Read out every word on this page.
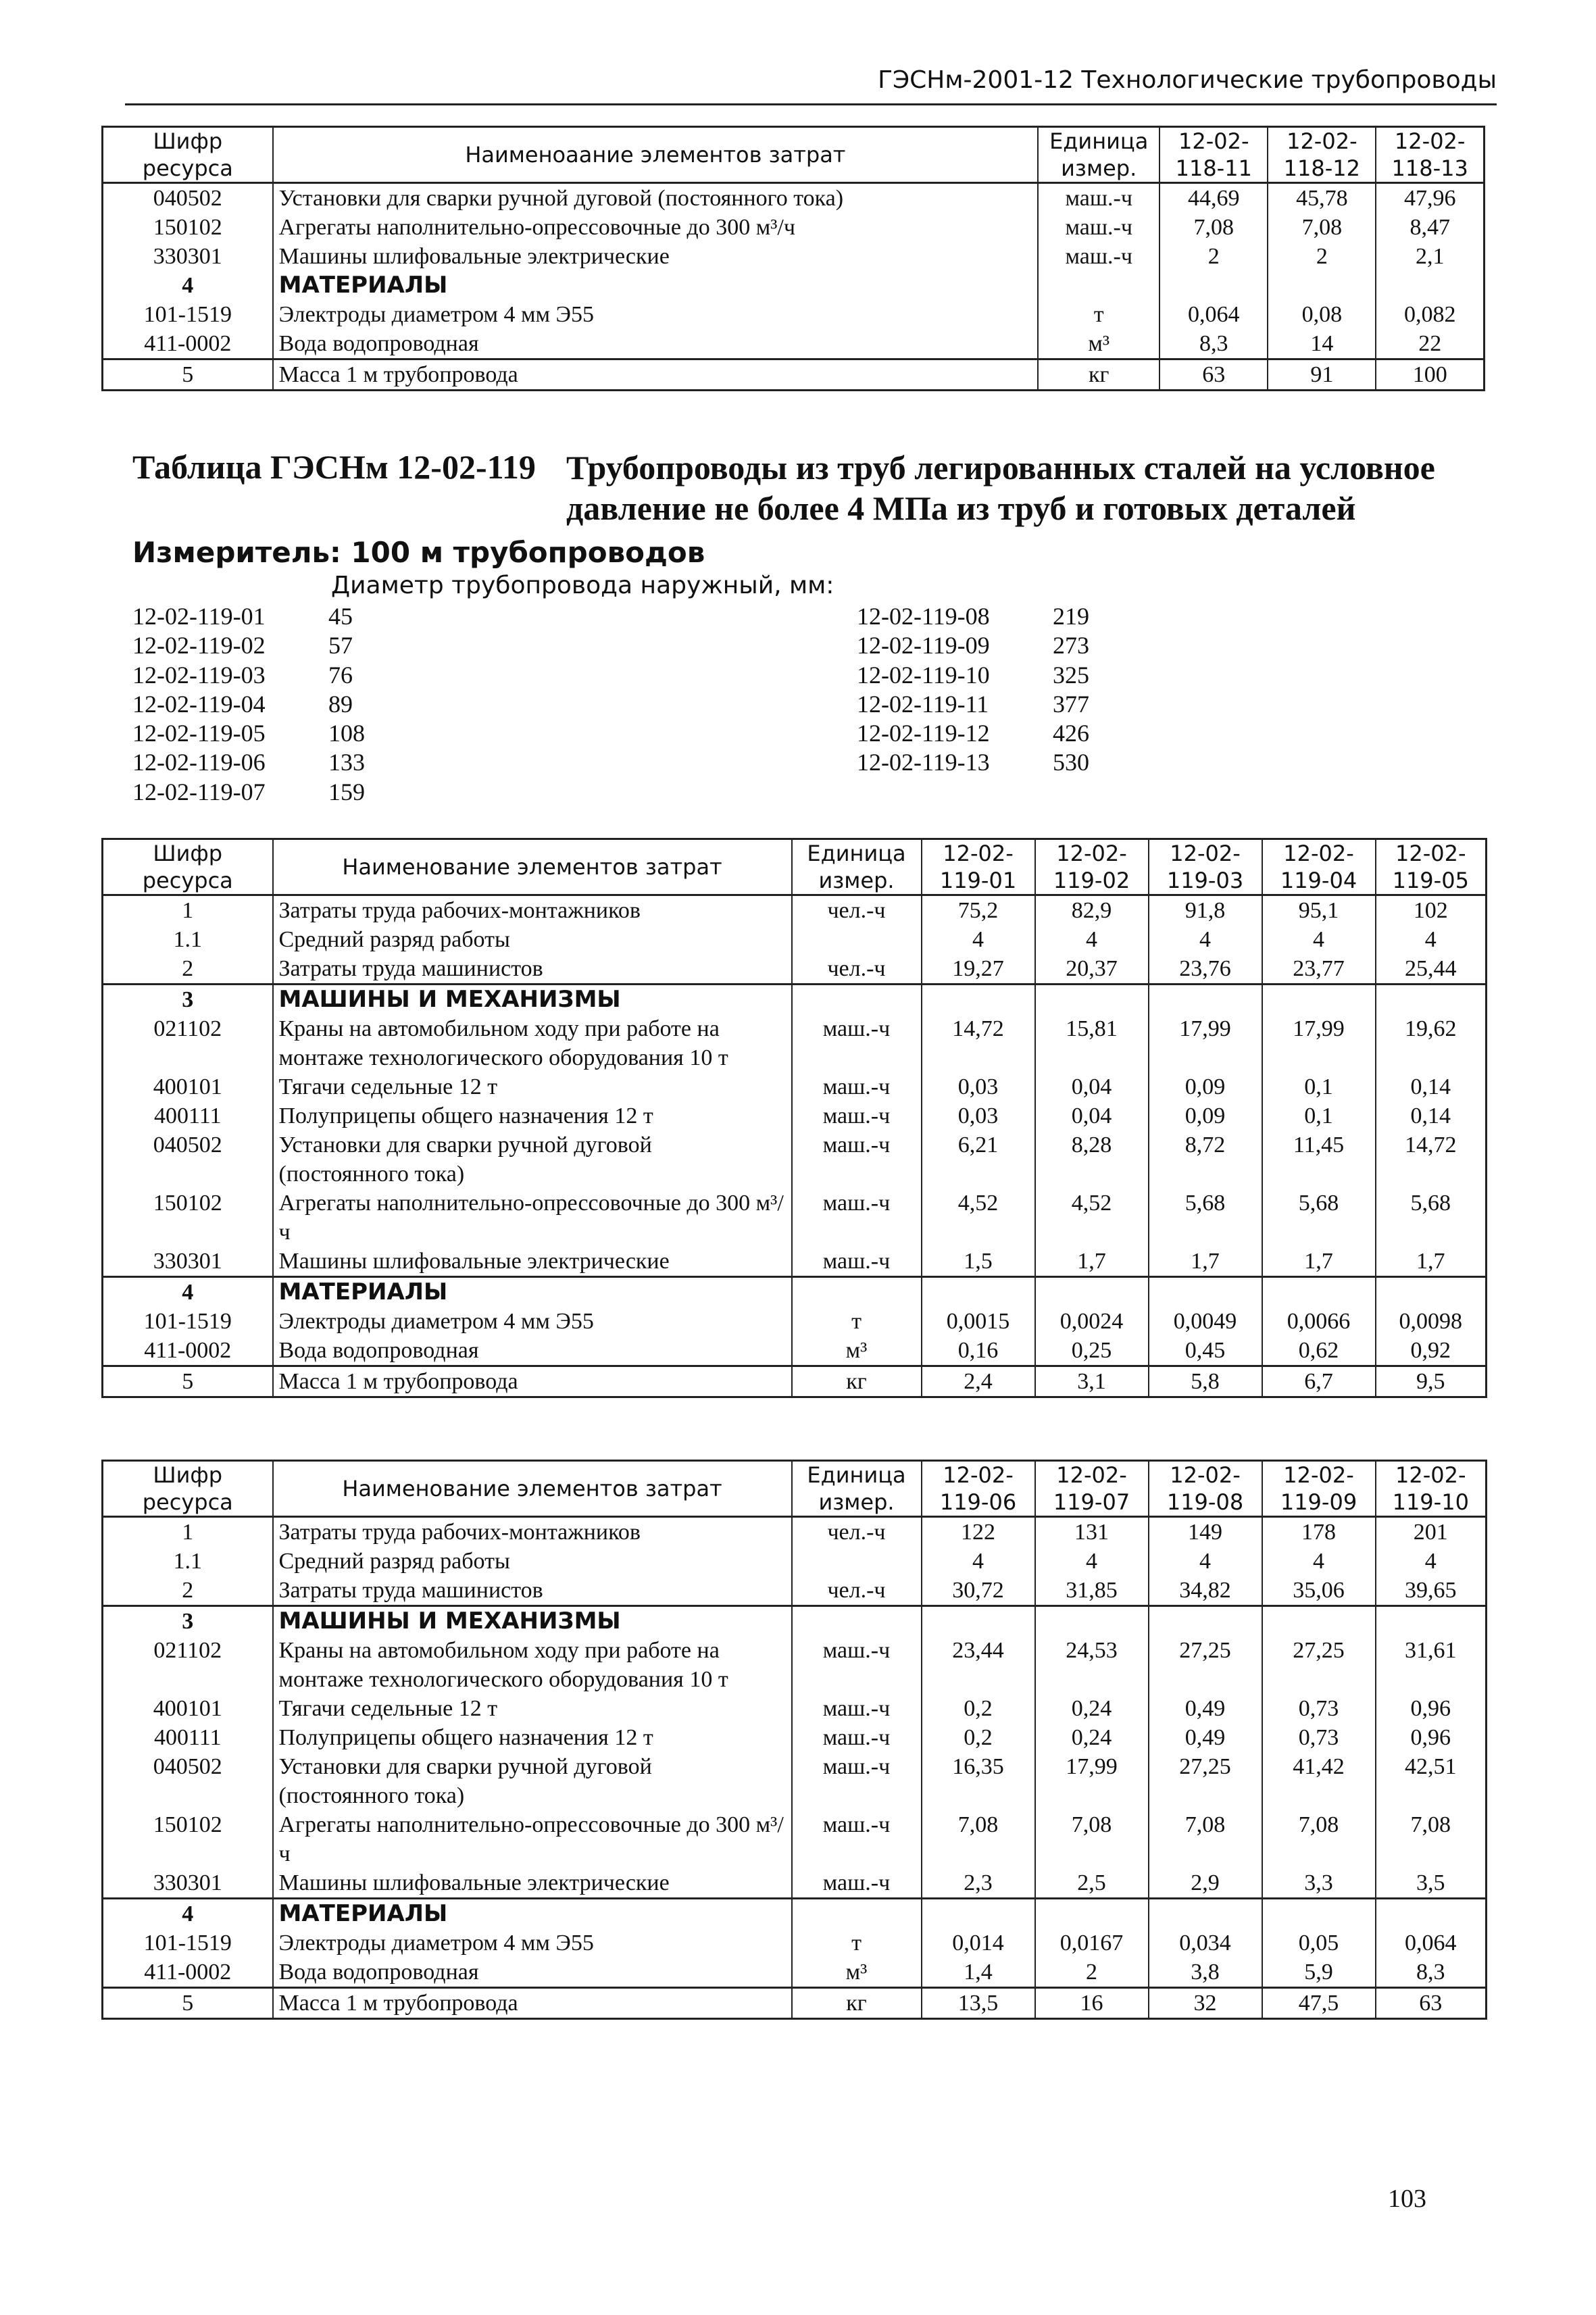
ГЭСНм-2001-12 Технологические трубопроводы
Шифр ресурса	Наименоаание элементов затрат	Единица измер.	12-02-118-11	12-02-118-12	12-02-118-13
040502	Установки для сварки ручной дуговой (постоянного тока)	маш.-ч	44,69	45,78	47,96
150102	Агрегаты наполнительно-опрессовочные до 300 м³/ч	маш.-ч	7,08	7,08	8,47
330301	Машины шлифовальные электрические	маш.-ч	2	2	2,1
4	МАТЕРИАЛЫ				
101-1519	Электроды диаметром 4 мм Э55	т	0,064	0,08	0,082
411-0002	Вода водопроводная	м³	8,3	14	22
5	Масса 1 м трубопровода	кг	63	91	100
Таблица ГЭСНм 12-02-119 Трубопроводы из труб легированных сталей на условное давление не более 4 МПа из труб и готовых деталей
Измеритель: 100 м трубопроводов
Диаметр трубопровода наружный, мм:
12-02-119-01	45
12-02-119-02	57
12-02-119-03	76
12-02-119-04	89
12-02-119-05	108
12-02-119-06	133
12-02-119-07	159
12-02-119-08	219
12-02-119-09	273
12-02-119-10	325
12-02-119-11	377
12-02-119-12	426
12-02-119-13	530
Шифр ресурса	Наименование элементов затрат	Единица измер.	12-02-119-01	12-02-119-02	12-02-119-03	12-02-119-04	12-02-119-05
1	Затраты труда рабочих-монтажников	чел.-ч	75,2	82,9	91,8	95,1	102
1.1	Средний разряд работы		4	4	4	4	4
2	Затраты труда машинистов	чел.-ч	19,27	20,37	23,76	23,77	25,44
3	МАШИНЫ И МЕХАНИЗМЫ						
021102	Краны на автомобильном ходу при работе на монтаже технологического оборудования 10 т	маш.-ч	14,72	15,81	17,99	17,99	19,62
400101	Тягачи седельные 12 т	маш.-ч	0,03	0,04	0,09	0,1	0,14
400111	Полуприцепы общего назначения 12 т	маш.-ч	0,03	0,04	0,09	0,1	0,14
040502	Установки для сварки ручной дуговой (постоянного тока)	маш.-ч	6,21	8,28	8,72	11,45	14,72
150102	Агрегаты наполнительно-опрессовочные до 300 м³/ч	маш.-ч	4,52	4,52	5,68	5,68	5,68
330301	Машины шлифовальные электрические	маш.-ч	1,5	1,7	1,7	1,7	1,7
4	МАТЕРИАЛЫ						
101-1519	Электроды диаметром 4 мм Э55	т	0,0015	0,0024	0,0049	0,0066	0,0098
411-0002	Вода водопроводная	м³	0,16	0,25	0,45	0,62	0,92
5	Масса 1 м трубопровода	кг	2,4	3,1	5,8	6,7	9,5
Шифр ресурса	Наименование элементов затрат	Единица измер.	12-02-119-06	12-02-119-07	12-02-119-08	12-02-119-09	12-02-119-10
1	Затраты труда рабочих-монтажников	чел.-ч	122	131	149	178	201
1.1	Средний разряд работы		4	4	4	4	4
2	Затраты труда машинистов	чел.-ч	30,72	31,85	34,82	35,06	39,65
3	МАШИНЫ И МЕХАНИЗМЫ						
021102	Краны на автомобильном ходу при работе на монтаже технологического оборудования 10 т	маш.-ч	23,44	24,53	27,25	27,25	31,61
400101	Тягачи седельные 12 т	маш.-ч	0,2	0,24	0,49	0,73	0,96
400111	Полуприцепы общего назначения 12 т	маш.-ч	0,2	0,24	0,49	0,73	0,96
040502	Установки для сварки ручной дуговой (постоянного тока)	маш.-ч	16,35	17,99	27,25	41,42	42,51
150102	Агрегаты наполнительно-опрессовочные до 300 м³/ч	маш.-ч	7,08	7,08	7,08	7,08	7,08
330301	Машины шлифовальные электрические	маш.-ч	2,3	2,5	2,9	3,3	3,5
4	МАТЕРИАЛЫ						
101-1519	Электроды диаметром 4 мм Э55	т	0,014	0,0167	0,034	0,05	0,064
411-0002	Вода водопроводная	м³	1,4	2	3,8	5,9	8,3
5	Масса 1 м трубопровода	кг	13,5	16	32	47,5	63
103
